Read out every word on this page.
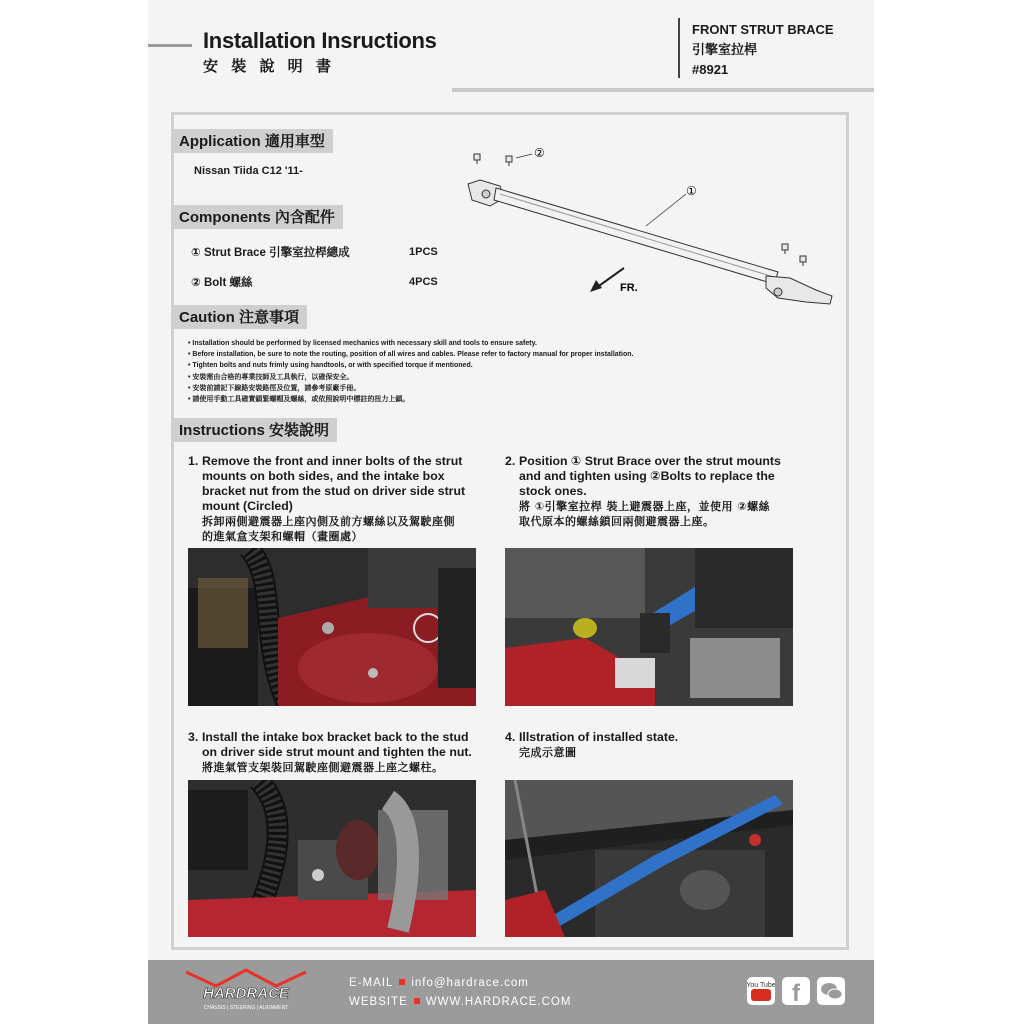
Installation Insructions
安 裝 說 明 書
FRONT STRUT BRACE
引擎室拉桿
#8921
Application 適用車型
Nissan Tiida C12 '11-
Components 內含配件
① Strut Brace 引擎室拉桿總成	1PCS
② Bolt 螺絲	4PCS
②
①
FR.
Caution 注意事項
• Installation should be performed by licensed mechanics with necessary skill and tools to ensure safety.
• Before installation, be sure to note the routing, position of all wires and cables. Please refer to factory manual for proper installation.
• Tighten bolts and nuts frimly using handtools, or with specified torque if mentioned.
• 安裝需由合格的專業技師及工具執行，以確保安全。
• 安裝前請記下線路安裝路徑及位置，請參考原廠手冊。
• 請使用手動工具確實鎖緊螺帽及螺絲，或依照說明中標註的扭力上鎖。
Instructions 安裝說明
1. Remove the front and inner bolts of the strut
mounts on both sides, and the intake box
bracket nut from the stud on driver side strut
mount (Circled)
拆卸兩側避震器上座內側及前方螺絲以及駕駛座側
的進氣盒支架和螺帽（畫圈處）
2. Position ① Strut Brace over the strut mounts
and and tighten using ②Bolts to replace the
stock ones.
將 ①引擎室拉桿 裝上避震器上座，並使用 ②螺絲
取代原本的螺絲鎖回兩側避震器上座。
3. Install the intake box bracket back to the stud
on driver side strut mount and tighten the nut.
將進氣管支架裝回駕駛座側避震器上座之螺柱。
4. Illstration of installed state.
完成示意圖
HARDRACE
CHASSIS | STEERING | ALIGNMENT
E-MAIL info@hardrace.com
WEBSITE WWW.HARDRACE.COM
You Tube f
